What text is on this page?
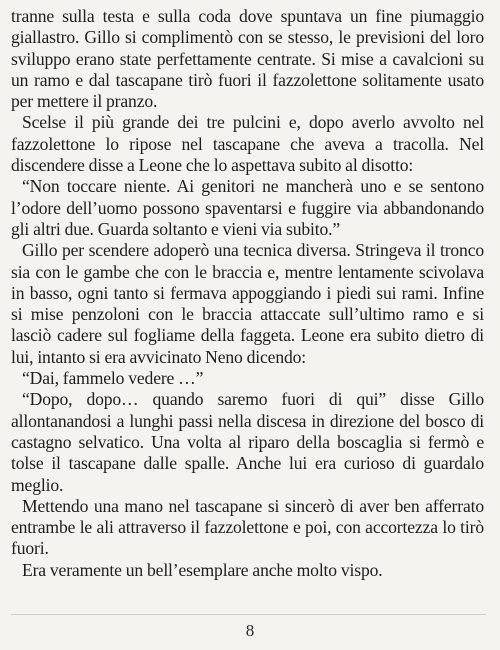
tranne sulla testa e sulla coda dove spuntava un fine piumaggio giallastro. Gillo si complimentò con se stesso, le previsioni del loro sviluppo erano state perfettamente centrate. Si mise a cavalcioni su un ramo e dal tascapane tirò fuori il fazzolettone solitamente usato per mettere il pranzo.

Scelse il più grande dei tre pulcini e, dopo averlo avvolto nel fazzolettone lo ripose nel tascapane che aveva a tracolla. Nel discendere disse a Leone che lo aspettava subito al disotto:

“Non toccare niente. Ai genitori ne mancherà uno e se sentono l’odore dell’uomo possono spaventarsi e fuggire via abbandonando gli altri due. Guarda soltanto e vieni via subito.”

Gillo per scendere adoperò una tecnica diversa. Stringeva il tronco sia con le gambe che con le braccia e, mentre lentamente scivolava in basso, ogni tanto si fermava appoggiando i piedi sui rami. Infine si mise penzoloni con le braccia attaccate sull’ultimo ramo e si lasciò cadere sul fogliame della faggeta. Leone era subito dietro di lui, intanto si era avvicinato Neno dicendo:

“Dai, fammelo vedere …”

“Dopo, dopo… quando saremo fuori di qui” disse Gillo allontanandosi a lunghi passi nella discesa in direzione del bosco di castagno selvatico. Una volta al riparo della boscaglia si fermò e tolse il tascapane dalle spalle. Anche lui era curioso di guardalo meglio.

Mettendo una mano nel tascapane si sincerò di aver ben afferrato entrambe le ali attraverso il fazzolettone e poi, con accortezza lo tirò fuori.

Era veramente un bell’esemplare anche molto vispo.

8
